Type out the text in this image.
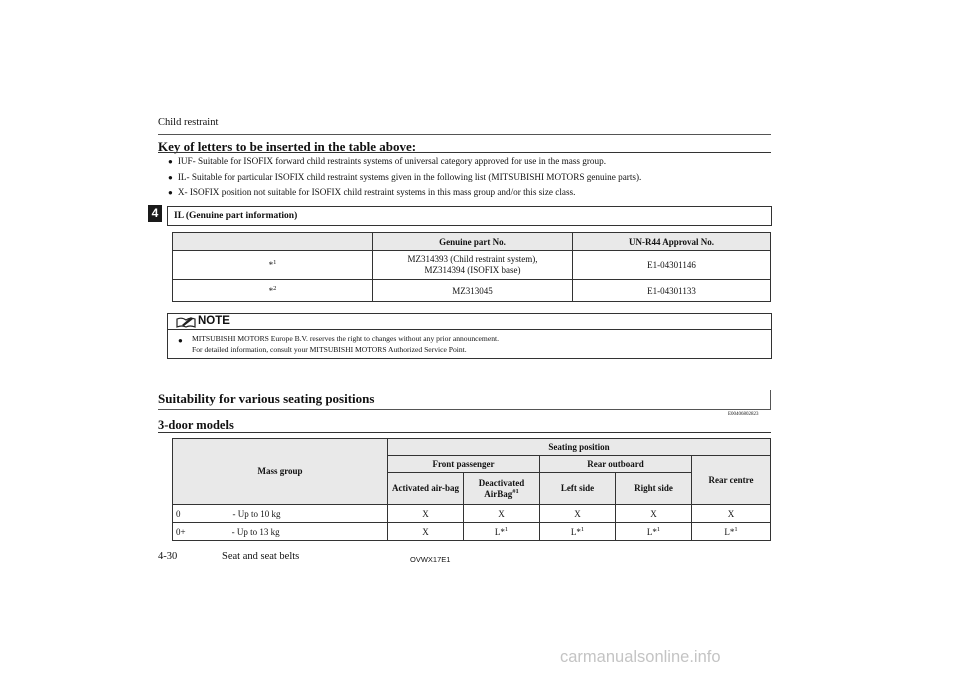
Child restraint
Key of letters to be inserted in the table above:
● IUF- Suitable for ISOFIX forward child restraints systems of universal category approved for use in the mass group.
● IL- Suitable for particular ISOFIX child restraint systems given in the following list (MITSUBISHI MOTORS genuine parts).
● X- ISOFIX position not suitable for ISOFIX child restraint systems in this mass group and/or this size class.
4	IL (Genuine part information)
	Genuine part No.	UN-R44 Approval No.
*$^1$	MZ314393 (Child restraint system),
MZ314394 (ISOFIX base)	E1-04301146
*$^2$	MZ313045	E1-04301133
NOTE
● MITSUBISHI MOTORS Europe B.V. reserves the right to changes without any prior announcement.
For detailed information, consult your MITSUBISHI MOTORS Authorized Service Point.
Suitability for various seating positions
E00406802823
3-door models
Mass group	Seating position				
	Front passenger		Rear outboard		Rear centre
	Activated air-bag	Deactivated AirBag$^{\#1}$	Left side	Right side	
0 - Up to 10 kg	X	X	X	X	X
0+ - Up to 13 kg	X	L*$^1$	L*$^1$	L*$^1$	L*$^1$
4-30	Seat and seat belts	OVWX17E1
carmanualsonline.info
